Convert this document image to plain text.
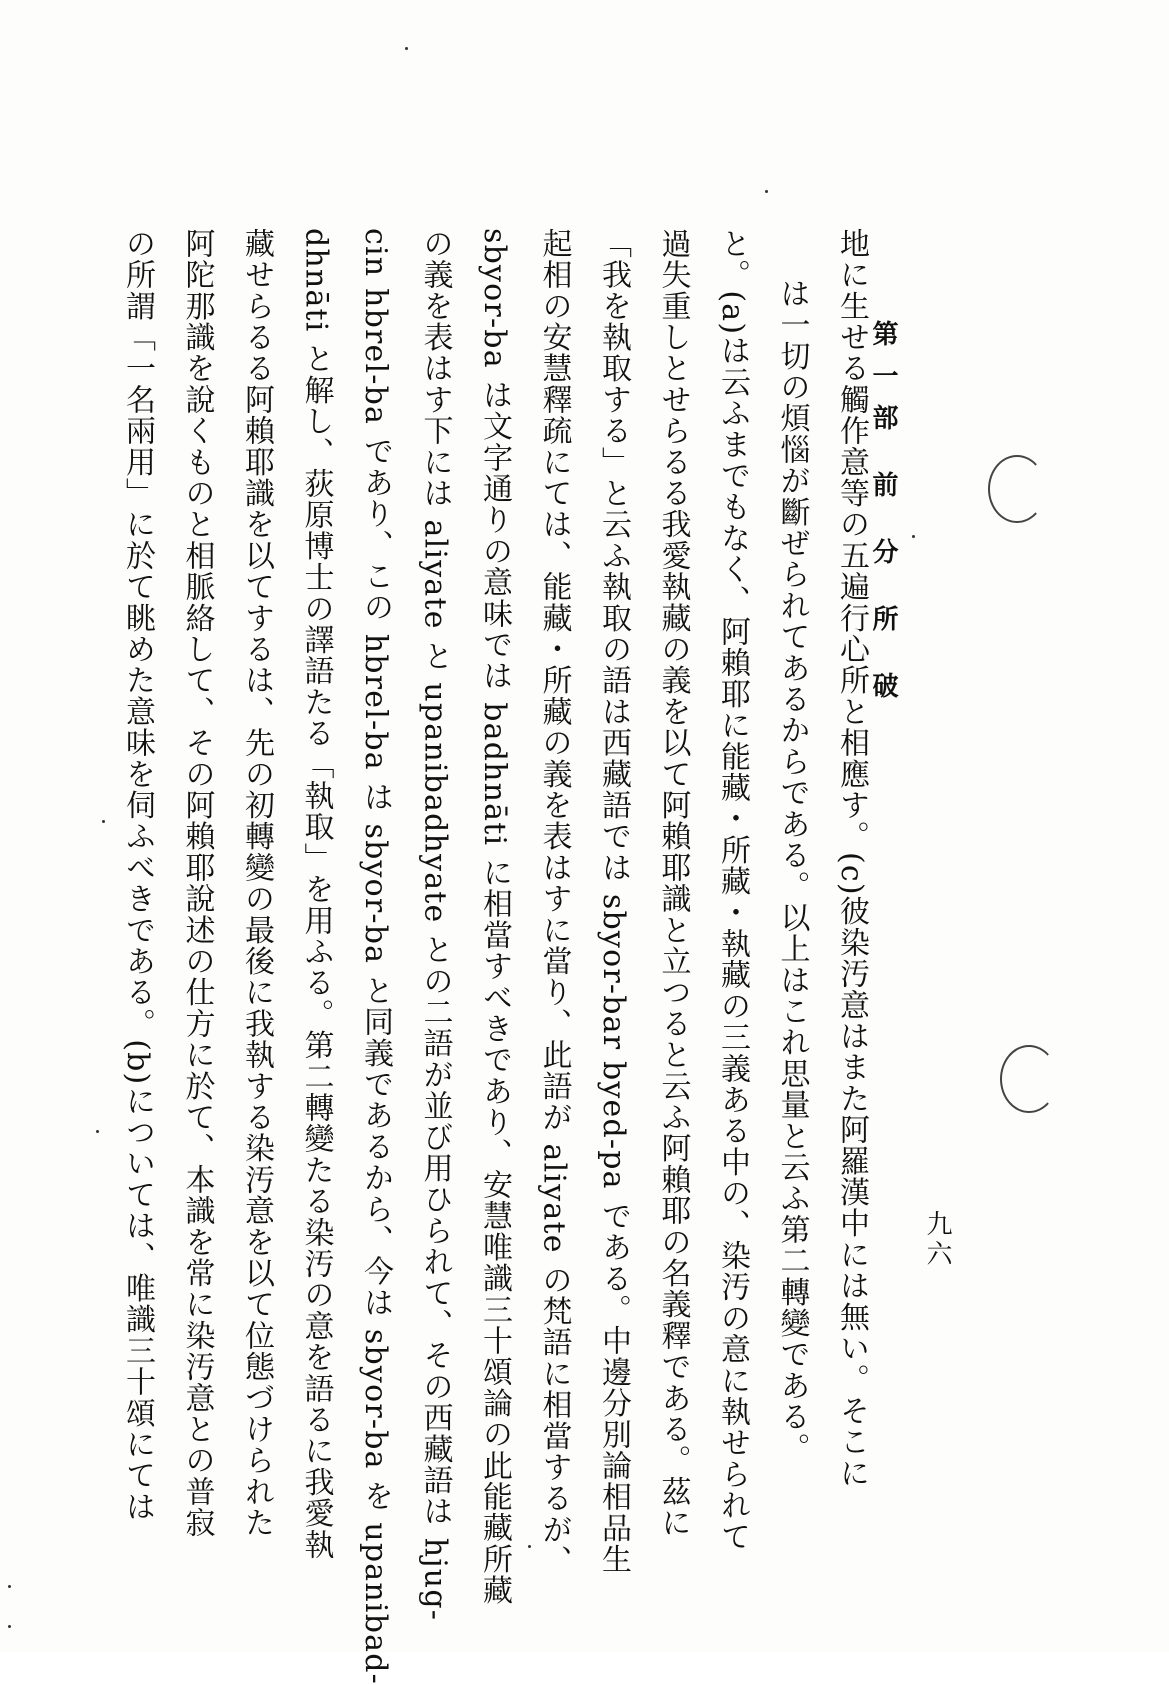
第一部 前 分 所 破
九六
地に生せる觸作意等の五遍行心所と相應す。(c)彼染汚意はまた阿羅漢中には無い。そこに
は一切の煩惱が斷ぜられてあるからである。以上はこれ思量と云ふ第二轉變である。
と。(a)は云ふまでもなく、阿賴耶に能藏・所藏・執藏の三義ある中の、染汚の意に執せられて
過失重しとせらるる我愛執藏の義を以て阿賴耶識と立つると云ふ阿賴耶の名義釋である。茲に
「我を執取する」と云ふ執取の語は西藏語では sbyor-bar byed-pa である。中邊分別論相品生
起相の安慧釋疏にては、能藏・所藏の義を表はすに當り、此語が aliyate の梵語に相當するが、
sbyor-ba は文字通りの意味では badhnāti に相當すべきであり、安慧唯識三十頌論の此能藏所藏
の義を表はす下には aliyate と upanibadhyate との二語が並び用ひられて、その西藏語は hjug-
cin hbrel-ba であり、この hbrel-ba は sbyor-ba と同義であるから、今は sbyor-ba を upanibad-
dhnāti と解し、荻原博士の譯語たる「執取」を用ふる。第二轉變たる染汚の意を語るに我愛執
藏せらるる阿賴耶識を以てするは、先の初轉變の最後に我執する染汚意を以て位態づけられた
阿陀那識を說くものと相脈絡して、その阿賴耶說述の仕方に於て、本識を常に染汚意との普寂
の所謂「一名兩用」に於て眺めた意味を伺ふべきである。(b)については、唯識三十頌にては
